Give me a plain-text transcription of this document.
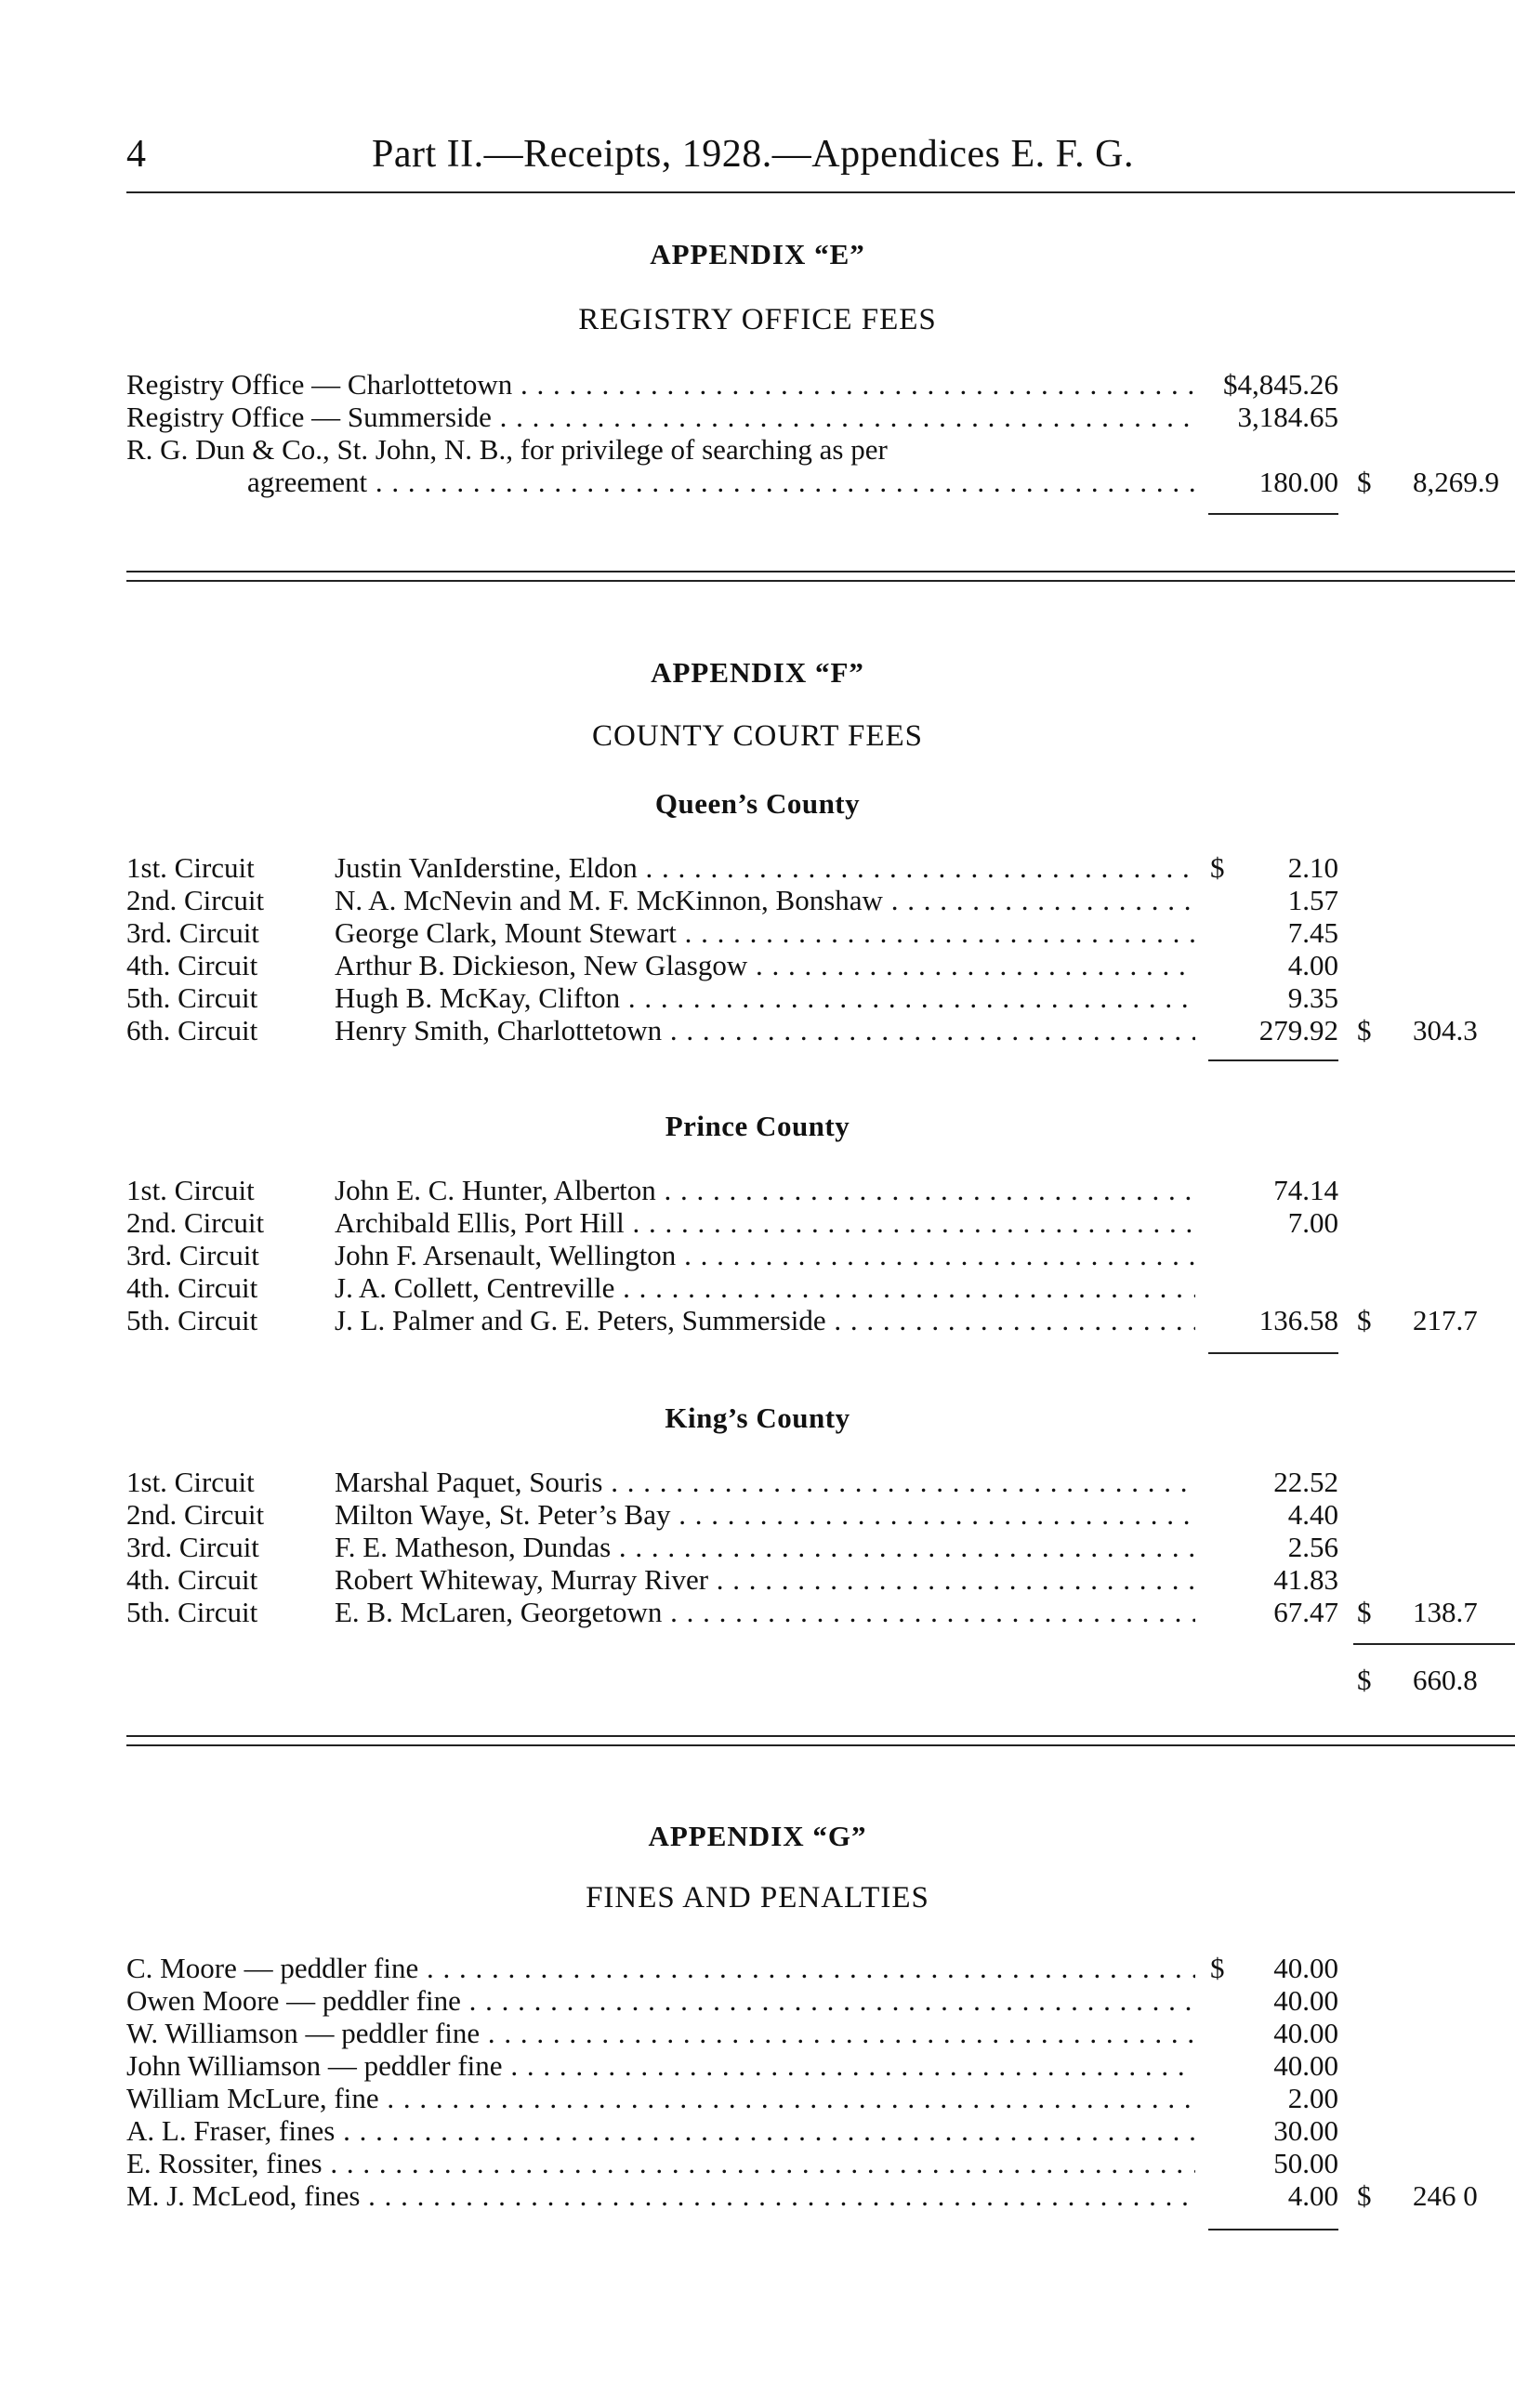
4	Part II.—Receipts, 1928.—Appendices E. F. G.
APPENDIX “E”
REGISTRY OFFICE FEES
Registry Office — Charlottetown . . .	$4,845.26
Registry Office — Summerside . . .	3,184.65
R. G. Dun & Co., St. John, N. B., for privilege of searching as per
agreement . . .	180.00 $ 8,269.9
APPENDIX “F”
COUNTY COURT FEES
Queen’s County
1st. Circuit	Justin VanIderstine, Eldon . . .	$	2.10
2nd. Circuit	N. A. McNevin and M. F. McKinnon, Bonshaw . . .	1.57
3rd. Circuit	George Clark, Mount Stewart . . .	7.45
4th. Circuit	Arthur B. Dickieson, New Glasgow . . .	4.00
5th. Circuit	Hugh B. McKay, Clifton . . .	9.35
6th. Circuit	Henry Smith, Charlottetown . . .	279.92 $ 304.3
Prince County
1st. Circuit	John E. C. Hunter, Alberton . . .	74.14
2nd. Circuit	Archibald Ellis, Port Hill . . .	7.00
3rd. Circuit	John F. Arsenault, Wellington . . .
4th. Circuit	J. A. Collett, Centreville . . .
5th. Circuit	J. L. Palmer and G. E. Peters, Summerside . . .	136.58 $ 217.7
King’s County
1st. Circuit	Marshal Paquet, Souris . . .	22.52
2nd. Circuit	Milton Waye, St. Peter’s Bay . . .	4.40
3rd. Circuit	F. E. Matheson, Dundas . . .	2.56
4th. Circuit	Robert Whiteway, Murray River . . .	41.83
5th. Circuit	E. B. McLaren, Georgetown . . .	67.47 $ 138.7
$ 660.8
APPENDIX “G”
FINES AND PENALTIES
C. Moore — peddler fine . . .	$	40.00
Owen Moore — peddler fine . . .	40.00
W. Williamson — peddler fine . . .	40.00
John Williamson — peddler fine . . .	40.00
William McLure, fine . . .	2.00
A. L. Fraser, fines . . .	30.00
E. Rossiter, fines . . .	50.00
M. J. McLeod, fines . . .	4.00 $ 246 0
